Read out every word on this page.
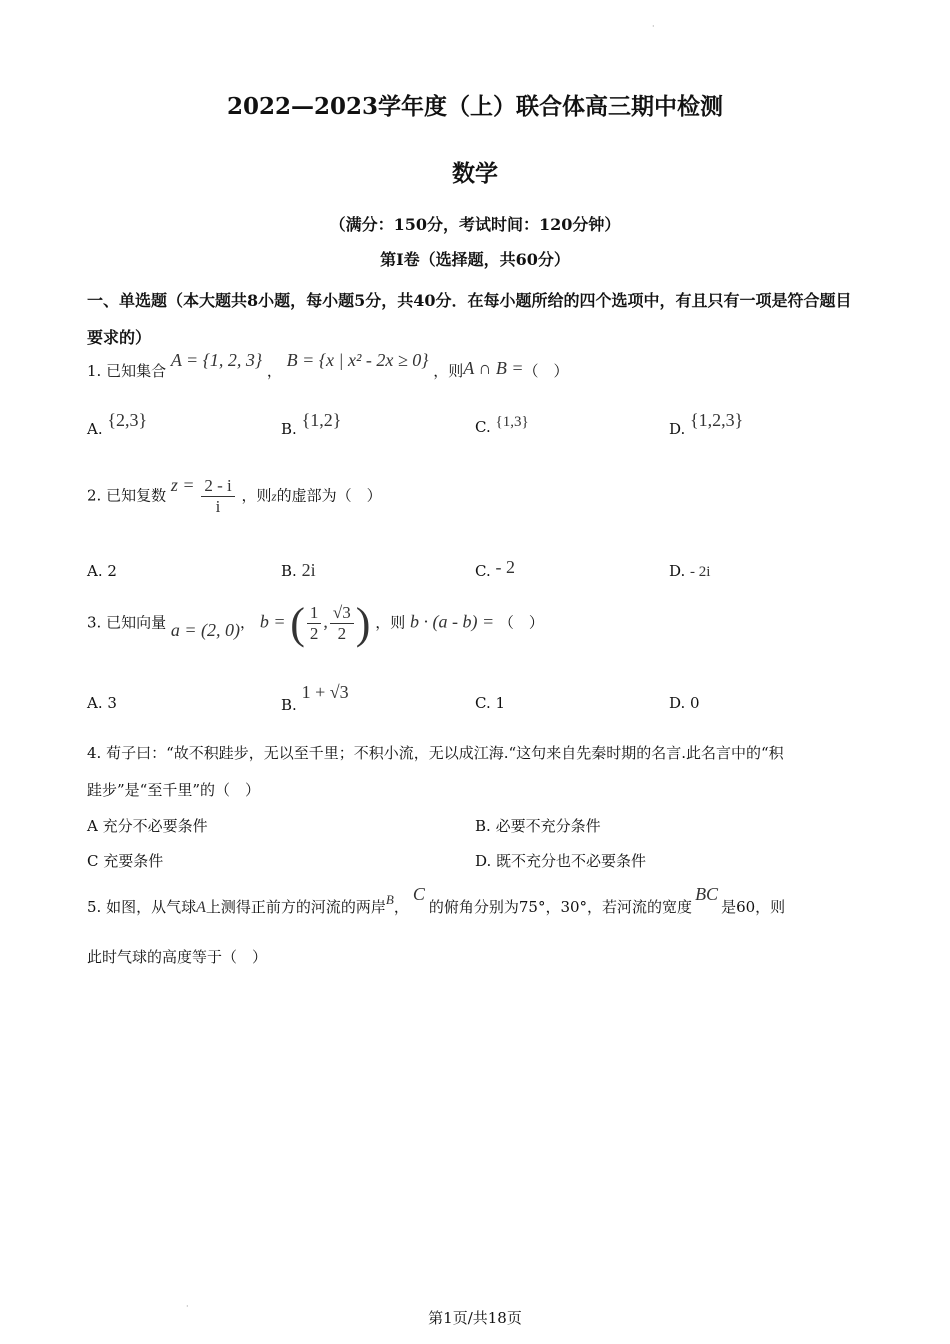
·
2022—2023学年度（上）联合体高三期中检测
数学
（满分：150分，考试时间：120分钟）
第Ⅰ卷（选择题，共60分）
一、单选题（本大题共8小题，每小题5分，共40分．在每小题所给的四个选项中，有且只有一项是符合题目要求的）
1. 已知集合 A = {1, 2, 3} ， B = {x | x² - 2x ≥ 0} ，则A ∩ B =（　）
A. {2,3}	B. {1,2}	C. {1,3}	D. {1,2,3}
2. 已知复数 $z = \frac{2 - i}{i}$ ，则z的虚部为（　）
A. 2	B. 2i	C. - 2	D. - 2i
3. 已知向量 a = (2, 0)， b = ( $\frac{1}{2}$ , $\frac{√3}{2}$ ) ，则 b · (a - b) = （　）
A. 3	B. 1 + √3
C. 1	D. 0
4. 荀子曰：“故不积跬步，无以至千里；不积小流，无以成江海.“这句来自先秦时期的名言.此名言中的“积
跬步”是“至千里”的（　）
A 充分不必要条件	B. 必要不充分条件
C 充要条件	D. 既不充分也不必要条件
5. 如图，从气球A上测得正前方的河流的两岸B，C的俯角分别为75°，30°，若河流的宽度BC是60，则
此时气球的高度等于（　）
·
第1页/共18页
